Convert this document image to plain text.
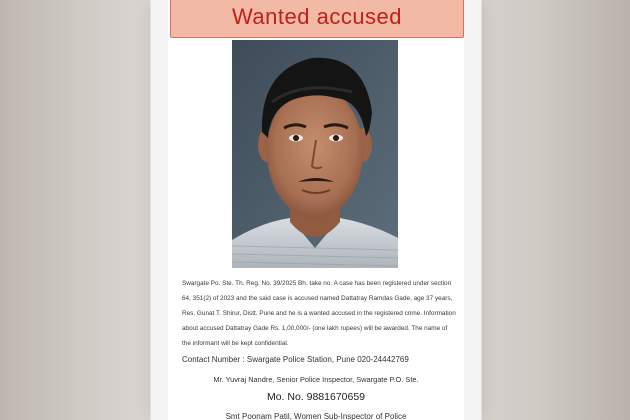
Wanted accused

Swargate Po. Ste. Th. Reg. No. 39/2025 Bh. take no. A case has been registered under section 64, 351(2) of 2023 and the said case is accused named Dattatray Ramdas Gade, age 37 years, Res. Gunat T. Shirur, Distt. Pune and he is a wanted accused in the registered crime. Information about accused Dattatray Gade Rs. 1,00,000/- (one lakh rupees) will be awarded. The name of the informant will be kept confidential.

Contact Number : Swargate Police Station, Pune 020-24442769
Mr. Yuvraj Nandre, Senior Police Inspector, Swargate P.O. Ste.
Mo. No. 9881670659
Smt Poonam Patil, Women Sub-Inspector of Police
